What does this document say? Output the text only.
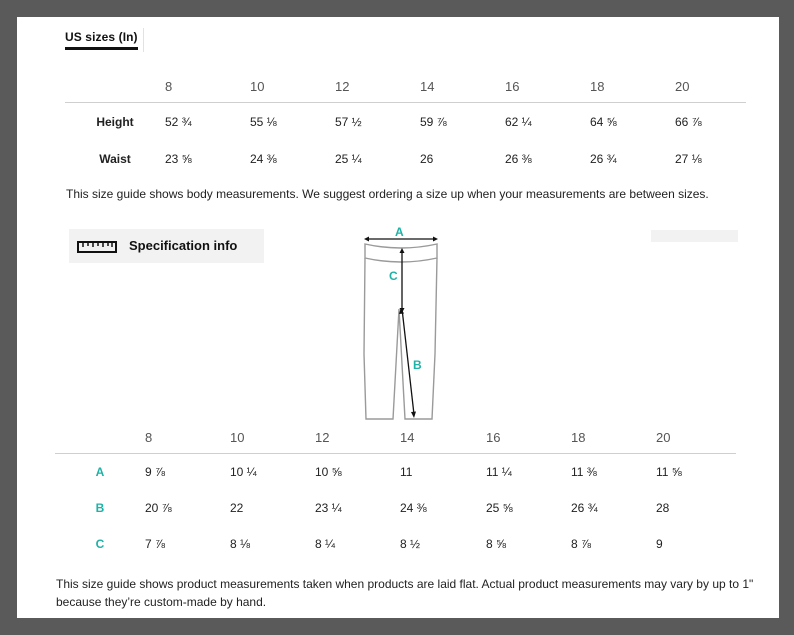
US sizes (In)
	8	10	12	14	16	18	20
Height	52 ¾	55 ⅛	57 ½	59 ⅞	62 ¼	64 ⅝	66 ⅞
Waist	23 ⅝	24 ⅜	25 ¼	26	26 ⅜	26 ¾	27 ⅛
This size guide shows body measurements. We suggest ordering a size up when your measurements are between sizes.
Specification info
A
C
B
	8	10	12	14	16	18	20
A	9 ⅞	10 ¼	10 ⅝	11	11 ¼	11 ⅜	11 ⅝
B	20 ⅞	22	23 ¼	24 ⅜	25 ⅝	26 ¾	28
C	7 ⅞	8 ⅛	8 ¼	8 ½	8 ⅝	8 ⅞	9
This size guide shows product measurements taken when products are laid flat. Actual product measurements may vary by up to 1" because they’re custom-made by hand.
